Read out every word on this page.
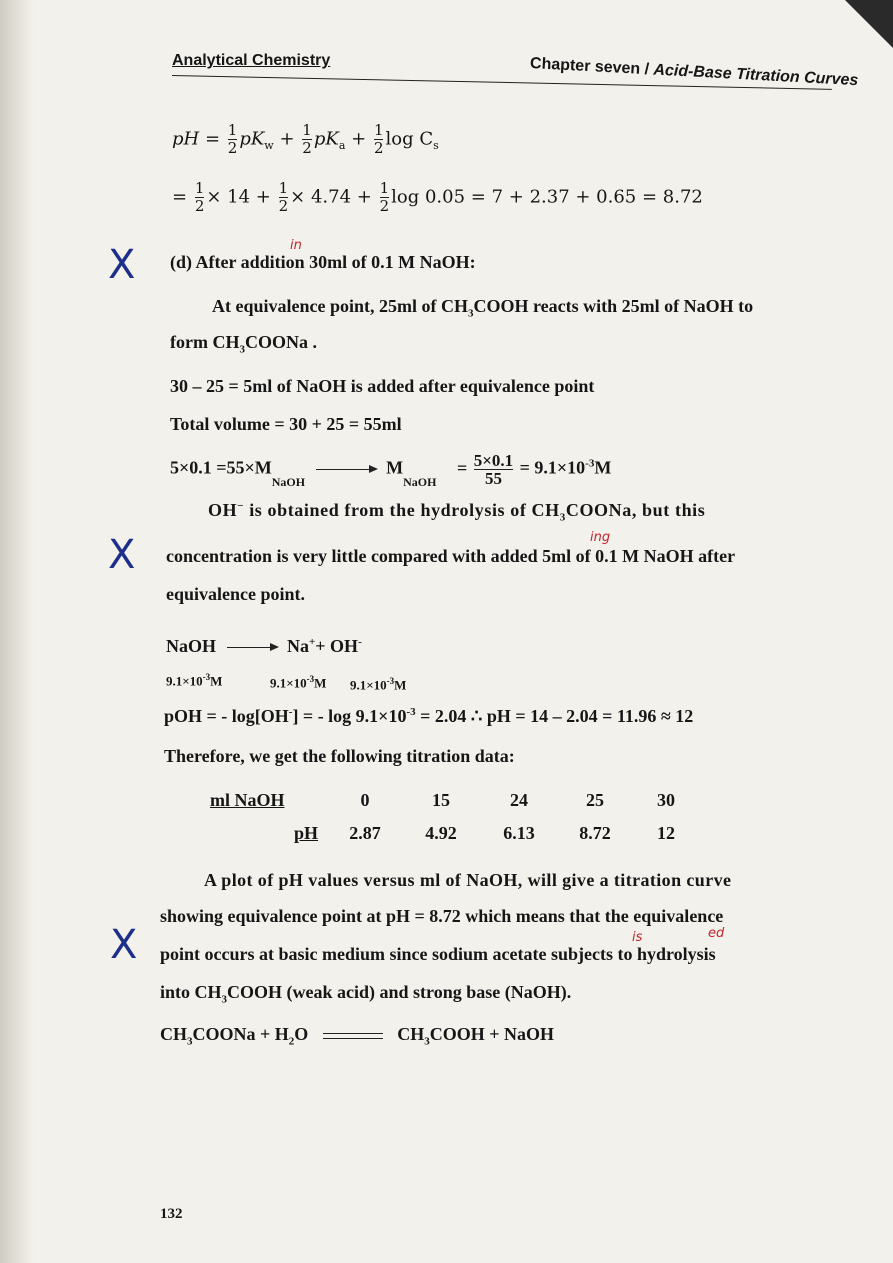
Analytical Chemistry	Chapter seven / Acid-Base Titration Curves
pH = $\frac{1}{2} pK_w + \frac{1}{2} pK_a + \frac{1}{2}$ $\log C_s$
= $\frac{1}{2} \times 14 + \frac{1}{2} \times 4.74 + \frac{1}{2}$ log 0.05 = 7 + 2.37 + 0.65 = 8.72
X
X
X
(d) After addition 30ml of 0.1 M NaOH:
in
At equivalence point, 25ml of $CH_3COOH$ reacts with 25ml of NaOH to
form $CH_3COONa$ .
30 – 25 = 5ml of NaOH is added after equivalence point
Total volume = 30 + 25 = 55ml
$5\times 0.1 =55\times M_{NaOH} \to M_{NaOH} = \frac{5\times 0.1}{55} = 9.1\times 10^{-3}M$
OH− is obtained from the hydrolysis of $CH_3COONa$, but this
concentration is very little compared with added 5ml of 0.1 M NaOH after
ing
equivalence point.
NaOH	Na++ OH-
$9.1\times 10^{-3}M$	$9.1\times 10^{-3}M$ $9.1\times 10^{-3}M$
pOH = - log[OH-] = - $\log 9.1\times 10^{-3} = 2.04$ ∴ pH = 14 – 2.04 = 11.96 ≈ 12
Therefore, we get the following titration data:
ml NaOH	0	15	24	25	30
pH	2.87	4.92	6.13	8.72	12
A plot of pH values versus ml of NaOH, will give a titration curve
showing equivalence point at pH = 8.72 which means that the equivalence
point occurs at basic medium since sodium acetate subjects to hydrolysis
is	ed
into $CH_3COOH$ (weak acid) and strong base (NaOH).
$CH_3COONa + H_2O$	$CH_3COOH$ + NaOH
132
